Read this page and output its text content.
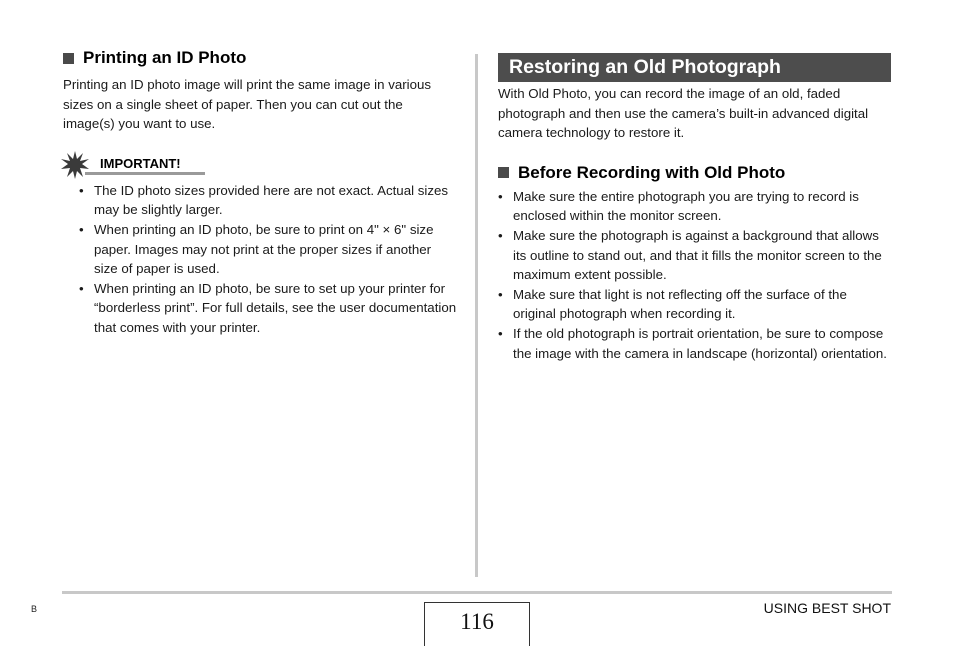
Printing an ID Photo

Printing an ID photo image will print the same image in various sizes on a single sheet of paper. Then you can cut out the image(s) you want to use.

IMPORTANT!
• The ID photo sizes provided here are not exact. Actual sizes may be slightly larger.
• When printing an ID photo, be sure to print on 4" × 6" size paper. Images may not print at the proper sizes if another size of paper is used.
• When printing an ID photo, be sure to set up your printer for “borderless print”. For full details, see the user documentation that comes with your printer.
Restoring an Old Photograph

With Old Photo, you can record the image of an old, faded photograph and then use the camera’s built-in advanced digital camera technology to restore it.

Before Recording with Old Photo
• Make sure the entire photograph you are trying to record is enclosed within the monitor screen.
• Make sure the photograph is against a background that allows its outline to stand out, and that it fills the monitor screen to the maximum extent possible.
• Make sure that light is not reflecting off the surface of the original photograph when recording it.
• If the old photograph is portrait orientation, be sure to compose the image with the camera in landscape (horizontal) orientation.
B	116
USING BEST SHOT
